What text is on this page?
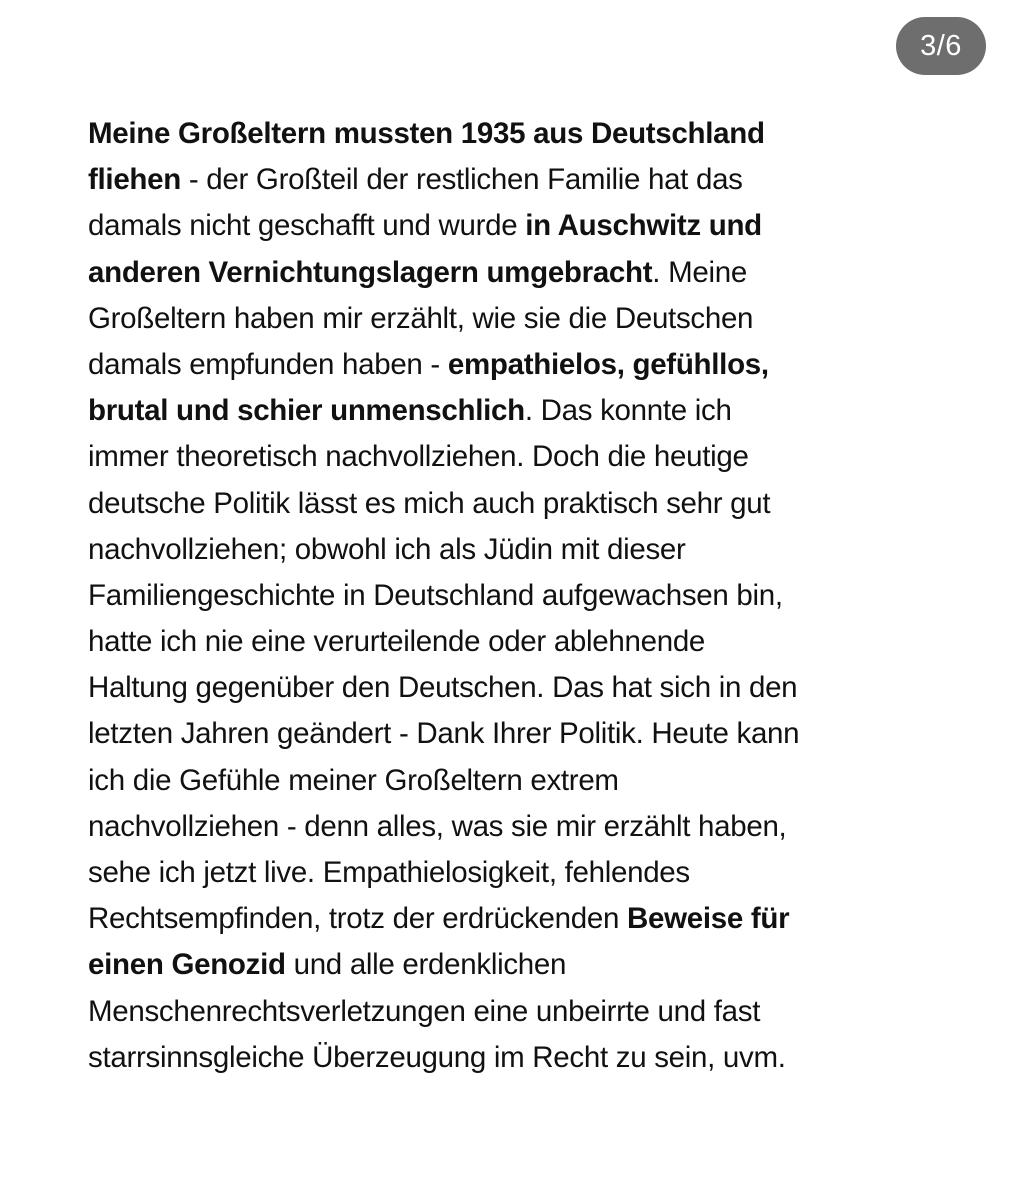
3/6
Meine Großeltern mussten 1935 aus Deutschland
fliehen - der Großteil der restlichen Familie hat das
damals nicht geschafft und wurde in Auschwitz und
anderen Vernichtungslagern umgebracht. Meine
Großeltern haben mir erzählt, wie sie die Deutschen
damals empfunden haben - empathielos, gefühllos,
brutal und schier unmenschlich. Das konnte ich
immer theoretisch nachvollziehen. Doch die heutige
deutsche Politik lässt es mich auch praktisch sehr gut
nachvollziehen; obwohl ich als Jüdin mit dieser
Familiengeschichte in Deutschland aufgewachsen bin,
hatte ich nie eine verurteilende oder ablehnende
Haltung gegenüber den Deutschen. Das hat sich in den
letzten Jahren geändert - Dank Ihrer Politik. Heute kann
ich die Gefühle meiner Großeltern extrem
nachvollziehen - denn alles, was sie mir erzählt haben,
sehe ich jetzt live. Empathielosigkeit, fehlendes
Rechtsempfinden, trotz der erdrückenden Beweise für
einen Genozid und alle erdenklichen
Menschenrechtsverletzungen eine unbeirrte und fast
starrsinnsgleiche Überzeugung im Recht zu sein, uvm.
